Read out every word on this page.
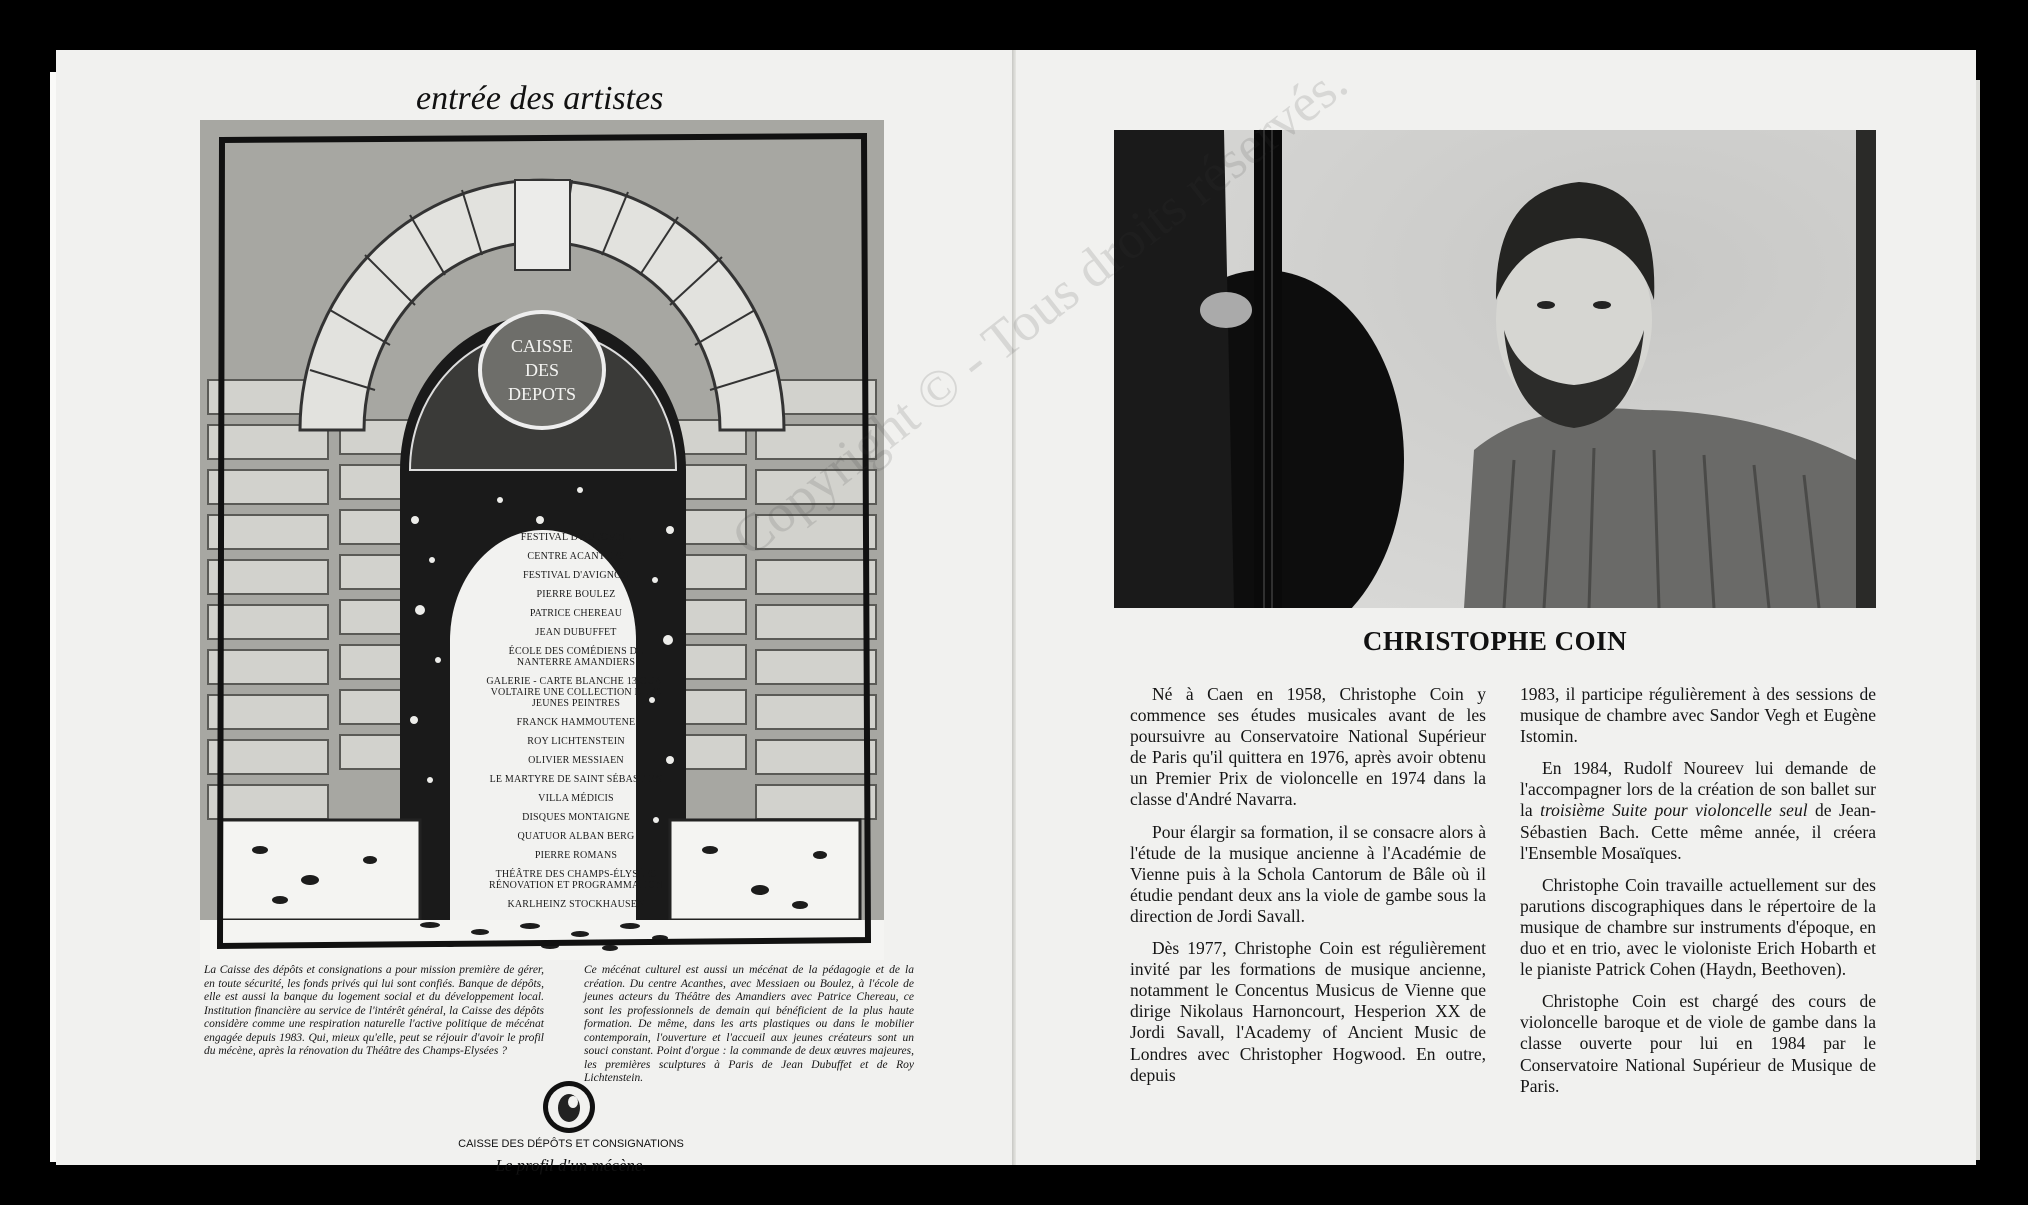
entrée des artistes
CAISSE
DES
DEPOTS
FESTIVAL D'AUTOMNE
CENTRE ACANTHES
FESTIVAL D'AVIGNON
PIERRE BOULEZ
PATRICE CHEREAU
JEAN DUBUFFET
ÉCOLE DES COMÉDIENS DE NANTERRE AMANDIERS
GALERIE - CARTE BLANCHE 13 QUAI VOLTAIRE UNE COLLECTION DE 40 JEUNES PEINTRES
FRANCK HAMMOUTENE
ROY LICHTENSTEIN
OLIVIER MESSIAEN
LE MARTYRE DE SAINT SÉBASTIEN
VILLA MÉDICIS
DISQUES MONTAIGNE
QUATUOR ALBAN BERG
PIERRE ROMANS
THÉÂTRE DES CHAMPS-ÉLYSÉES RÉNOVATION ET PROGRAMMATION
KARLHEINZ STOCKHAUSEN
La Caisse des dépôts et consignations a pour mission première de gérer, en toute sécurité, les fonds privés qui lui sont confiés. Banque de dépôts, elle est aussi la banque du logement social et du développement local. Institution financière au service de l'intérêt général, la Caisse des dépôts considère comme une respiration naturelle l'active politique de mécénat engagée depuis 1983. Qui, mieux qu'elle, peut se réjouir d'avoir le profil du mécène, après la rénovation du Théâtre des Champs-Elysées ?
Ce mécénat culturel est aussi un mécénat de la pédagogie et de la création. Du centre Acanthes, avec Messiaen ou Boulez, à l'école de jeunes acteurs du Théâtre des Amandiers avec Patrice Chereau, ce sont les professionnels de demain qui bénéficient de la plus haute formation. De même, dans les arts plastiques ou dans le mobilier contemporain, l'ouverture et l'accueil aux jeunes créateurs sont un souci constant. Point d'orgue : la commande de deux œuvres majeures, les premières sculptures à Paris de Jean Dubuffet et de Roy Lichtenstein.
CAISSE DES DÉPÔTS ET CONSIGNATIONS
Le profil d'un mécène.
CHRISTOPHE COIN

Né à Caen en 1958, Christophe Coin y commence ses études musicales avant de les poursuivre au Conservatoire National Supérieur de Paris qu'il quittera en 1976, après avoir obtenu un Premier Prix de violoncelle en 1974 dans la classe d'André Navarra.

Pour élargir sa formation, il se consacre alors à l'étude de la musique ancienne à l'Académie de Vienne puis à la Schola Cantorum de Bâle où il étudie pendant deux ans la viole de gambe sous la direction de Jordi Savall.

Dès 1977, Christophe Coin est régulièrement invité par les formations de musique ancienne, notamment le Concentus Musicus de Vienne que dirige Nikolaus Harnoncourt, Hesperion XX de Jordi Savall, l'Academy of Ancient Music de Londres avec Christopher Hogwood. En outre, depuis

1983, il participe régulièrement à des sessions de musique de chambre avec Sandor Vegh et Eugène Istomin.

En 1984, Rudolf Noureev lui demande de l'accompagner lors de la création de son ballet sur la troisième Suite pour violoncelle seul de Jean-Sébastien Bach. Cette même année, il créera l'Ensemble Mosaïques.

Christophe Coin travaille actuellement sur des parutions discographiques dans le répertoire de la musique de chambre sur instruments d'époque, en duo et en trio, avec le violoniste Erich Hobarth et le pianiste Patrick Cohen (Haydn, Beethoven).

Christophe Coin est chargé des cours de violoncelle baroque et de viole de gambe dans la classe ouverte pour lui en 1984 par le Conservatoire National Supérieur de Musique de Paris.
